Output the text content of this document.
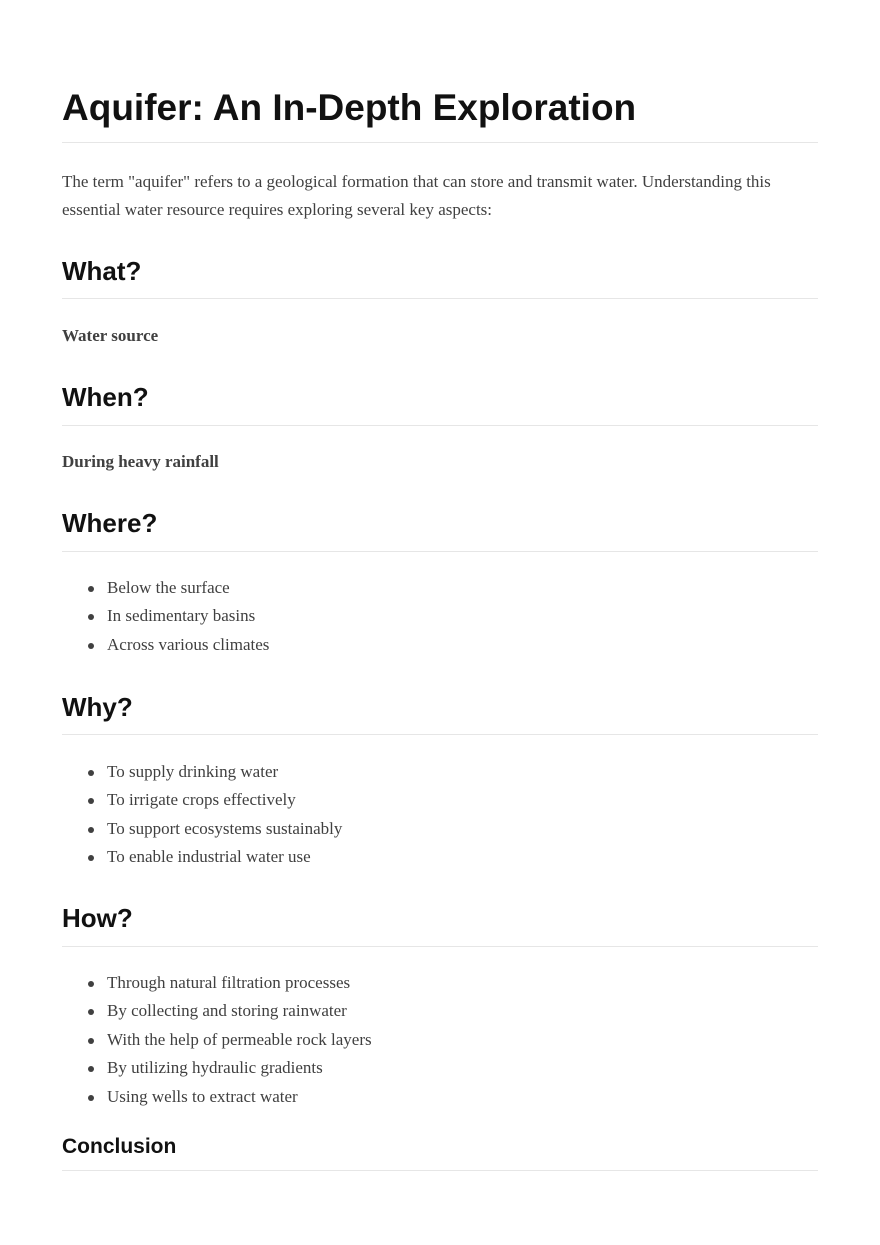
Aquifer: An In-Depth Exploration

The term "aquifer" refers to a geological formation that can store and transmit water. Understanding this essential water resource requires exploring several key aspects:

What?

Water source

When?

During heavy rainfall

Where?
Below the surface
In sedimentary basins
Across various climates
Why?
To supply drinking water
To irrigate crops effectively
To support ecosystems sustainably
To enable industrial water use
How?
Through natural filtration processes
By collecting and storing rainwater
With the help of permeable rock layers
By utilizing hydraulic gradients
Using wells to extract water
Conclusion
